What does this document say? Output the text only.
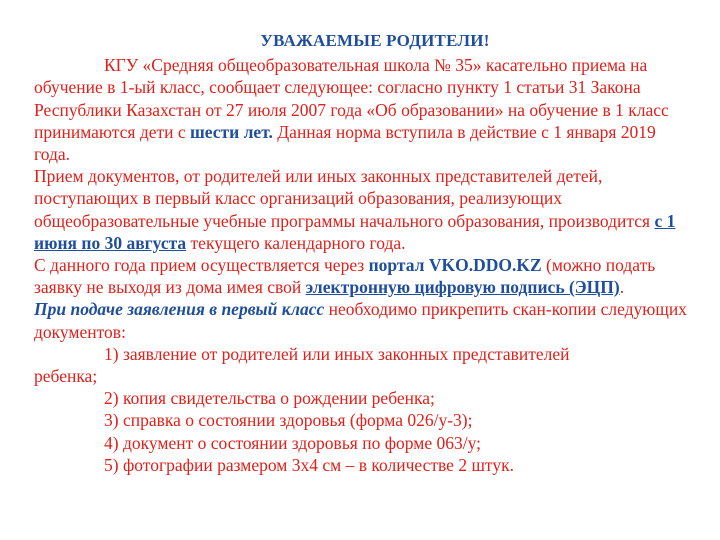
УВАЖАЕМЫЕ РОДИТЕЛИ!

КГУ «Средняя общеобразовательная школа № 35» касательно приема на обучение в 1-ый класс, сообщает следующее: согласно пункту 1 статьи 31 Закона Республики Казахстан от 27 июля 2007 года «Об образовании» на обучение в 1 класс принимаются дети с шести лет. Данная норма вступила в действие с 1 января 2019 года.

Прием документов, от родителей или иных законных представителей детей, поступающих в первый класс организаций образования, реализующих общеобразовательные учебные программы начального образования, производится с 1 июня по 30 августа текущего календарного года.

С данного года прием осуществляется через портал VKO.DDO.KZ (можно подать заявку не выходя из дома имея свой электронную цифровую подпись (ЭЦП).

При подаче заявления в первый класс необходимо прикрепить скан-копии следующих документов:

1) заявление от родителей или иных законных представителей
ребенка;

2) копия свидетельства о рождении ребенка;

3) справка о состоянии здоровья (форма 026/у-3);

4) документ о состоянии здоровья по форме 063/у;

5) фотографии размером 3х4 см – в количестве 2 штук.
